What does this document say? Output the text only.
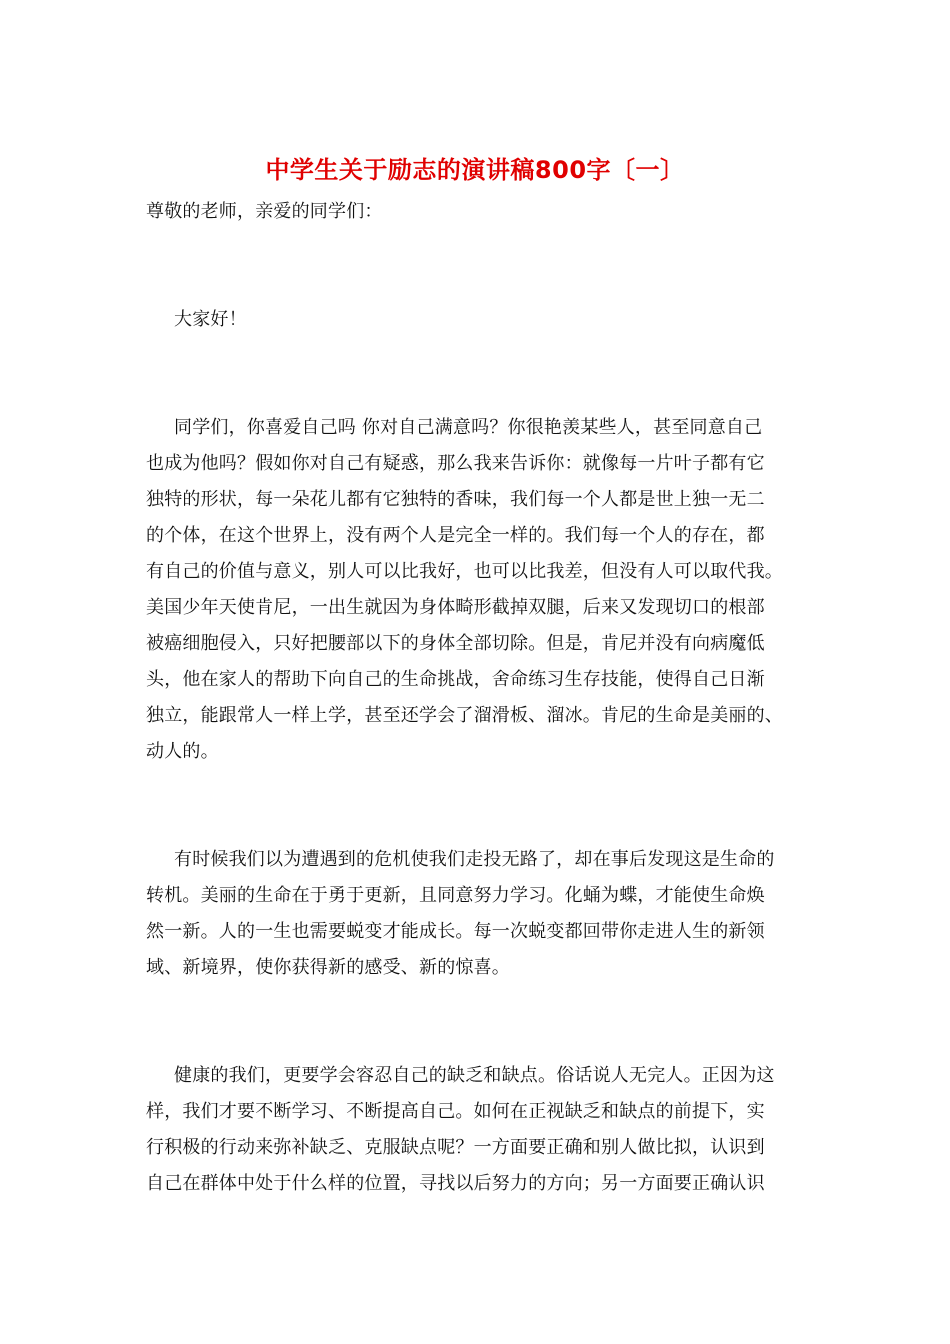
中学生关于励志的演讲稿800字〔一〕
尊敬的老师，亲爱的同学们：
大家好！
同学们，你喜爱自己吗 你对自己满意吗？你很艳羡某些人，甚至同意自己
也成为他吗？假如你对自己有疑惑，那么我来告诉你：就像每一片叶子都有它
独特的形状，每一朵花儿都有它独特的香味，我们每一个人都是世上独一无二
的个体，在这个世界上，没有两个人是完全一样的。我们每一个人的存在，都
有自己的价值与意义，别人可以比我好，也可以比我差，但没有人可以取代我。
美国少年天使肯尼，一出生就因为身体畸形截掉双腿，后来又发现切口的根部
被癌细胞侵入，只好把腰部以下的身体全部切除。但是，肯尼并没有向病魔低
头，他在家人的帮助下向自己的生命挑战，舍命练习生存技能，使得自己日渐
独立，能跟常人一样上学，甚至还学会了溜滑板、溜冰。肯尼的生命是美丽的、
动人的。
有时候我们以为遭遇到的危机使我们走投无路了，却在事后发现这是生命的
转机。美丽的生命在于勇于更新，且同意努力学习。化蛹为蝶，才能使生命焕
然一新。人的一生也需要蜕变才能成长。每一次蜕变都回带你走进人生的新领
域、新境界，使你获得新的感受、新的惊喜。
健康的我们，更要学会容忍自己的缺乏和缺点。俗话说人无完人。正因为这
样，我们才要不断学习、不断提高自己。如何在正视缺乏和缺点的前提下，实
行积极的行动来弥补缺乏、克服缺点呢？一方面要正确和别人做比拟，认识到
自己在群体中处于什么样的位置，寻找以后努力的方向；另一方面要正确认识
